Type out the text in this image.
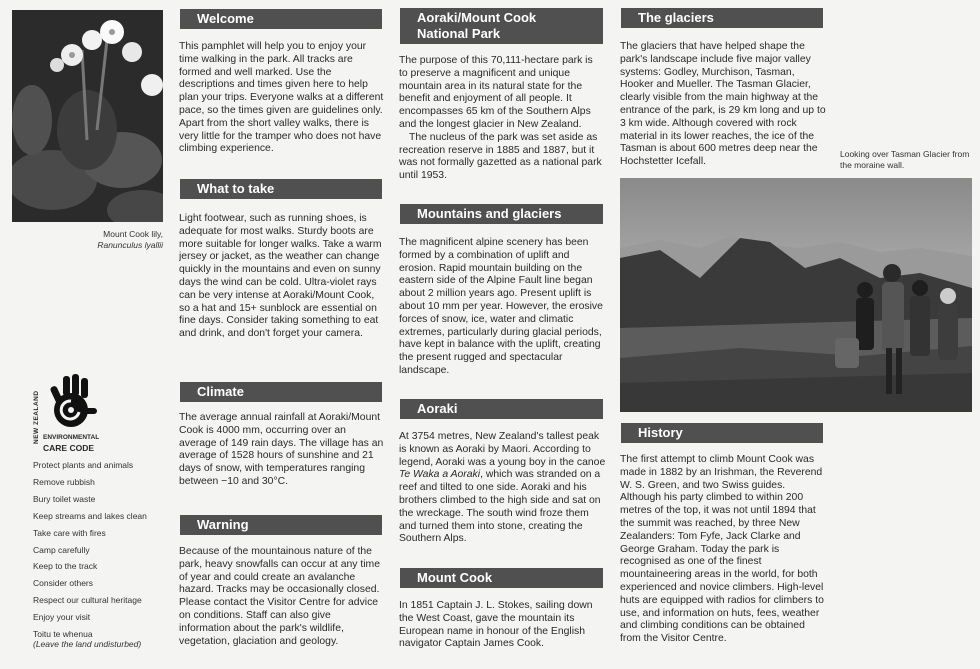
Mount Cook lily,
Ranunculus lyallii
NEW ZEALAND ENVIRONMENTAL
CARE CODE
Protect plants and animals
Remove rubbish
Bury toilet waste
Keep streams and lakes clean
Take care with fires
Camp carefully
Keep to the track
Consider others
Respect our cultural heritage
Enjoy your visit
Toitu te whenua
(Leave the land undisturbed)
Welcome

This pamphlet will help you to enjoy your time walking in the park. All tracks are formed and well marked. Use the descriptions and times given here to help plan your trips. Everyone walks at a different pace, so the times given are guidelines only. Apart from the short valley walks, there is very little for the tramper who does not have climbing experience.

What to take

Light footwear, such as running shoes, is adequate for most walks. Sturdy boots are more suitable for longer walks. Take a warm jersey or jacket, as the weather can change quickly in the mountains and even on sunny days the wind can be cold. Ultra-violet rays can be very intense at Aoraki/Mount Cook, so a hat and 15+ sunblock are essential on fine days. Consider taking something to eat and drink, and don't forget your camera.

Climate

The average annual rainfall at Aoraki/Mount Cook is 4000 mm, occurring over an average of 149 rain days. The village has an average of 1528 hours of sunshine and 21 days of snow, with temperatures ranging between −10 and 30°C.

Warning

Because of the mountainous nature of the park, heavy snowfalls can occur at any time of year and could create an avalanche hazard. Tracks may be occasionally closed. Please contact the Visitor Centre for advice on conditions. Staff can also give information about the park's wildlife, vegetation, glaciation and geology.

Aoraki/Mount Cook National Park

The purpose of this 70,111-hectare park is to preserve a magnificent and unique mountain area in its natural state for the benefit and enjoyment of all people. It encompasses 65 km of the Southern Alps and the longest glacier in New Zealand.

The nucleus of the park was set aside as recreation reserve in 1885 and 1887, but it was not formally gazetted as a national park until 1953.

Mountains and glaciers

The magnificent alpine scenery has been formed by a combination of uplift and erosion. Rapid mountain building on the eastern side of the Alpine Fault line began about 2 million years ago. Present uplift is about 10 mm per year. However, the erosive forces of snow, ice, water and climatic extremes, particularly during glacial periods, have kept in balance with the uplift, creating the present rugged and spectacular landscape.

Aoraki

At 3754 metres, New Zealand's tallest peak is known as Aoraki by Maori. According to legend, Aoraki was a young boy in the canoe Te Waka a Aoraki, which was stranded on a reef and tilted to one side. Aoraki and his brothers climbed to the high side and sat on the wreckage. The south wind froze them and turned them into stone, creating the Southern Alps.

Mount Cook

In 1851 Captain J. L. Stokes, sailing down the West Coast, gave the mountain its European name in honour of the English navigator Captain James Cook.

The glaciers

The glaciers that have helped shape the park's landscape include five major valley systems: Godley, Murchison, Tasman, Hooker and Mueller. The Tasman Glacier, clearly visible from the main highway at the entrance of the park, is 29 km long and up to 3 km wide. Although covered with rock material in its lower reaches, the ice of the Tasman is about 600 metres deep near the Hochstetter Icefall.

Looking over Tasman Glacier from the moraine wall.
History

The first attempt to climb Mount Cook was made in 1882 by an Irishman, the Reverend W. S. Green, and two Swiss guides. Although his party climbed to within 200 metres of the top, it was not until 1894 that the summit was reached, by three New Zealanders: Tom Fyfe, Jack Clarke and George Graham. Today the park is recognised as one of the finest mountaineering areas in the world, for both experienced and novice climbers. High-level huts are equipped with radios for climbers to use, and information on huts, fees, weather and climbing conditions can be obtained from the Visitor Centre.
